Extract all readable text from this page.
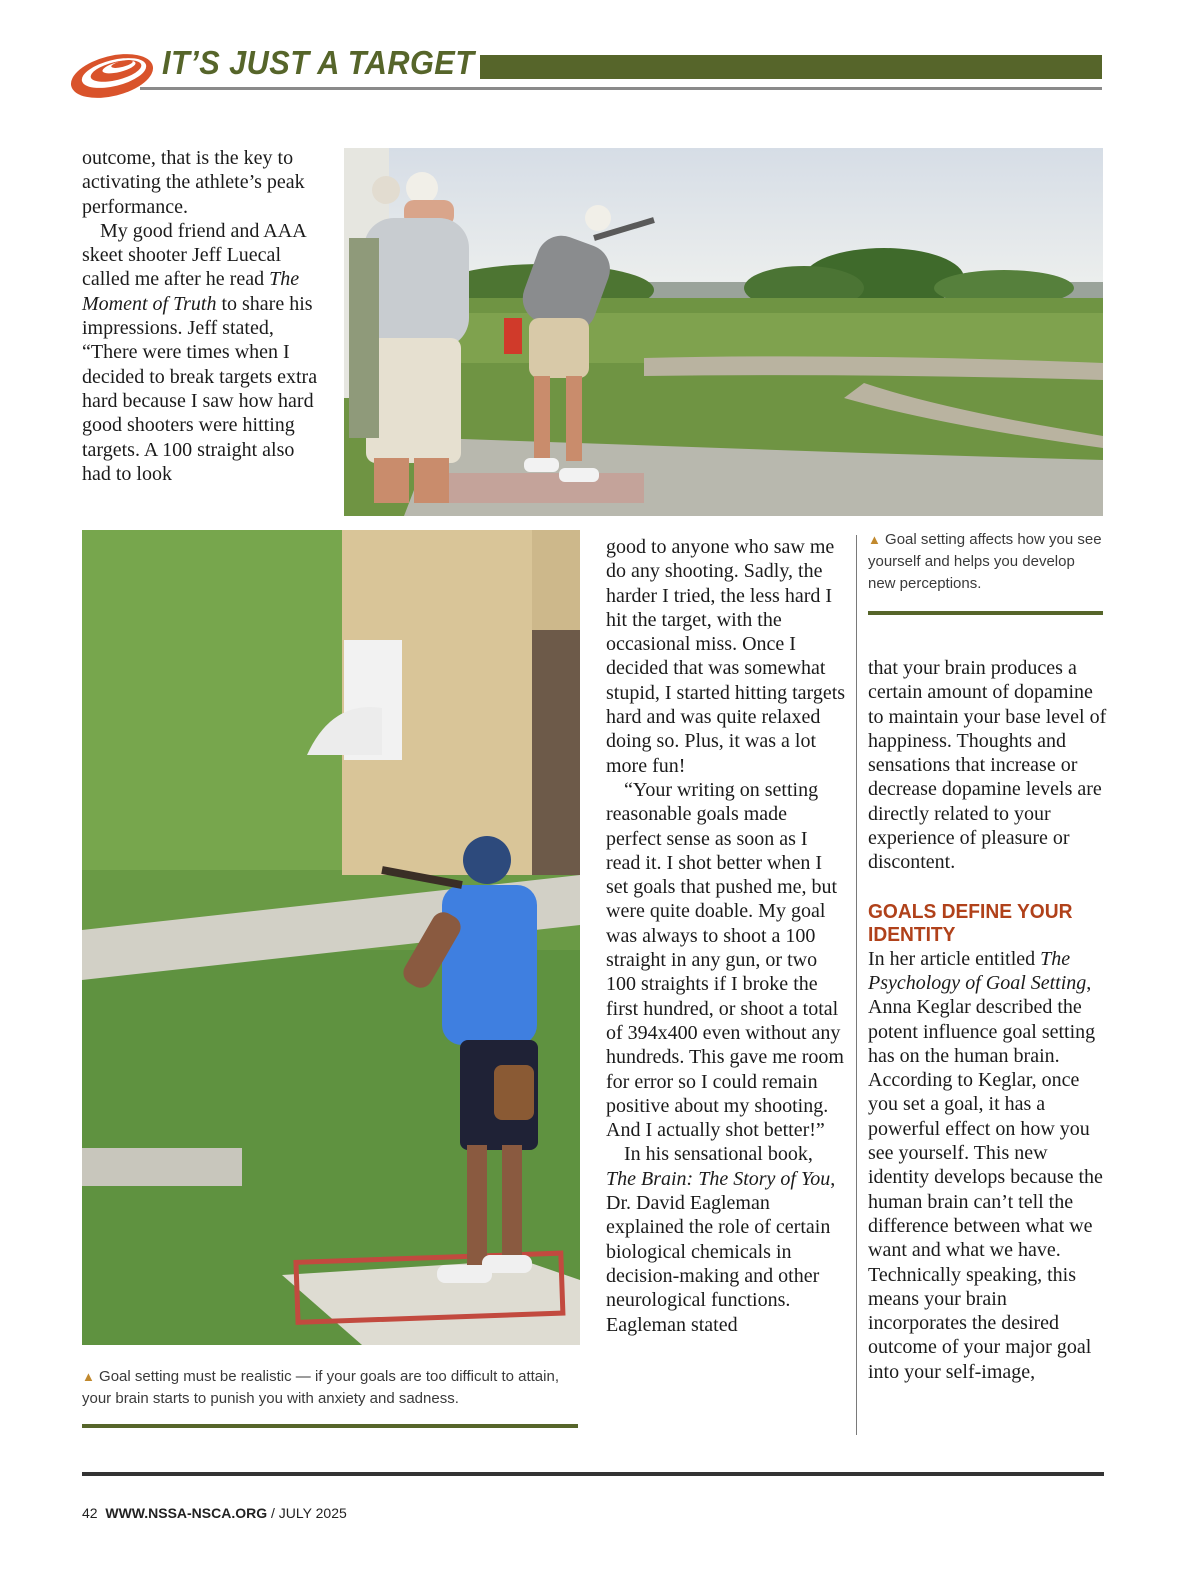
IT’S JUST A TARGET

outcome, that is the key to activating the athlete’s peak performance.

My good friend and AAA skeet shooter Jeff Luecal called me after he read The Moment of Truth to share his impressions. Jeff stated, “There were times when I decided to break targets extra hard because I saw how hard good shooters were hitting targets. A 100 straight also had to look

▲ Goal setting affects how you see yourself and helps you develop new perceptions.

good to anyone who saw me do any shooting. Sadly, the harder I tried, the less hard I hit the target, with the occasional miss. Once I decided that was somewhat stupid, I started hitting targets hard and was quite relaxed doing so. Plus, it was a lot more fun!

“Your writing on setting reasonable goals made perfect sense as soon as I read it. I shot better when I set goals that pushed me, but were quite doable. My goal was always to shoot a 100 straight in any gun, or two 100 straights if I broke the first hundred, or shoot a total of 394x400 even without any hundreds. This gave me room for error so I could remain positive about my shooting. And I actually shot better!”

In his sensational book, The Brain: The Story of You, Dr. David Eagleman explained the role of certain biological chemicals in decision-making and other neurological functions. Eagleman stated

that your brain produces a certain amount of dopamine to maintain your base level of happiness. Thoughts and sensations that increase or decrease dopamine levels are directly related to your experience of pleasure or discontent.

GOALS DEFINE YOUR IDENTITY

In her article entitled The Psychology of Goal Setting, Anna Keglar described the potent influence goal setting has on the human brain. According to Keglar, once you set a goal, it has a powerful effect on how you see yourself. This new identity develops because the human brain can’t tell the difference between what we want and what we have. Technically speaking, this means your brain incorporates the desired outcome of your major goal into your self-image,

▲ Goal setting must be realistic — if your goals are too difficult to attain, your brain starts to punish you with anxiety and sadness.
42 WWW.NSSA-NSCA.ORG / JULY 2025
